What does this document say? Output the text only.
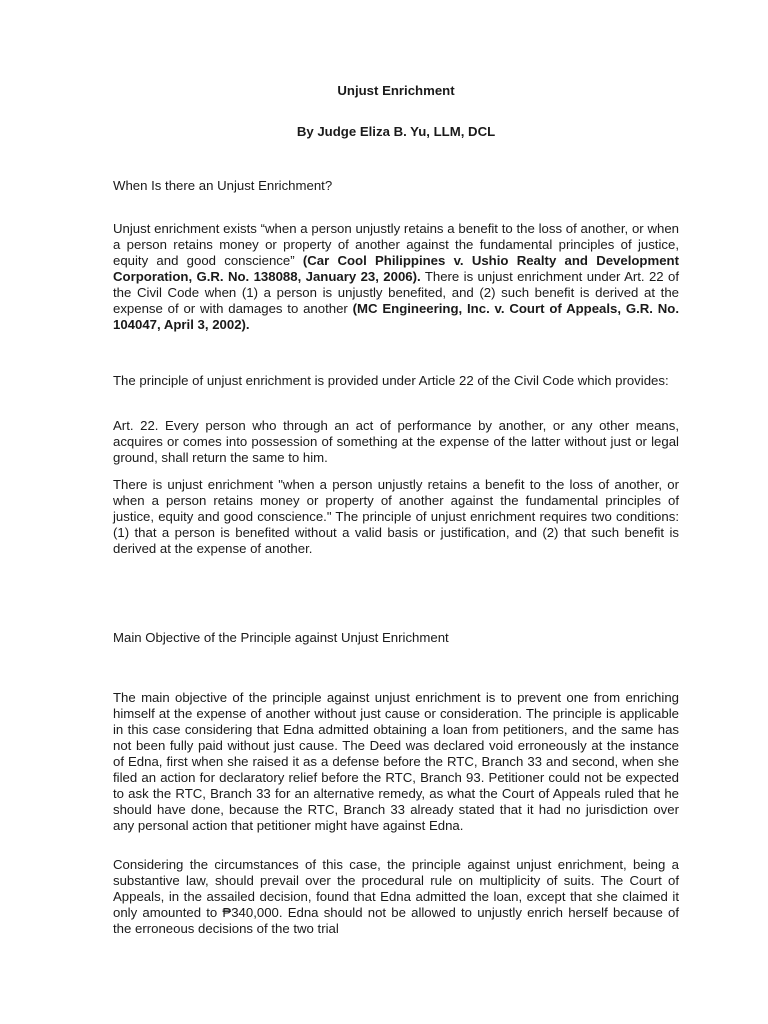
Unjust Enrichment
By Judge Eliza B. Yu, LLM, DCL
When Is there an Unjust Enrichment?
Unjust enrichment exists “when a person unjustly retains a benefit to the loss of another, or when a person retains money or property of another against the fundamental principles of justice, equity and good conscience” (Car Cool Philippines v. Ushio Realty and Development Corporation, G.R. No. 138088, January 23, 2006). There is unjust enrichment under Art. 22 of the Civil Code when (1) a person is unjustly benefited, and (2) such benefit is derived at the expense of or with damages to another (MC Engineering, Inc. v. Court of Appeals, G.R. No. 104047, April 3, 2002).
The principle of unjust enrichment is provided under Article 22 of the Civil Code which provides:
Art. 22. Every person who through an act of performance by another, or any other means, acquires or comes into possession of something at the expense of the latter without just or legal ground, shall return the same to him.
There is unjust enrichment "when a person unjustly retains a benefit to the loss of another, or when a person retains money or property of another against the fundamental principles of justice, equity and good conscience." The principle of unjust enrichment requires two conditions: (1) that a person is benefited without a valid basis or justification, and (2) that such benefit is derived at the expense of another.
Main Objective of the Principle against Unjust Enrichment
The main objective of the principle against unjust enrichment is to prevent one from enriching himself at the expense of another without just cause or consideration. The principle is applicable in this case considering that Edna admitted obtaining a loan from petitioners, and the same has not been fully paid without just cause. The Deed was declared void erroneously at the instance of Edna, first when she raised it as a defense before the RTC, Branch 33 and second, when she filed an action for declaratory relief before the RTC, Branch 93. Petitioner could not be expected to ask the RTC, Branch 33 for an alternative remedy, as what the Court of Appeals ruled that he should have done, because the RTC, Branch 33 already stated that it had no jurisdiction over any personal action that petitioner might have against Edna.
Considering the circumstances of this case, the principle against unjust enrichment, being a substantive law, should prevail over the procedural rule on multiplicity of suits. The Court of Appeals, in the assailed decision, found that Edna admitted the loan, except that she claimed it only amounted to ₱340,000. Edna should not be allowed to unjustly enrich herself because of the erroneous decisions of the two trial
